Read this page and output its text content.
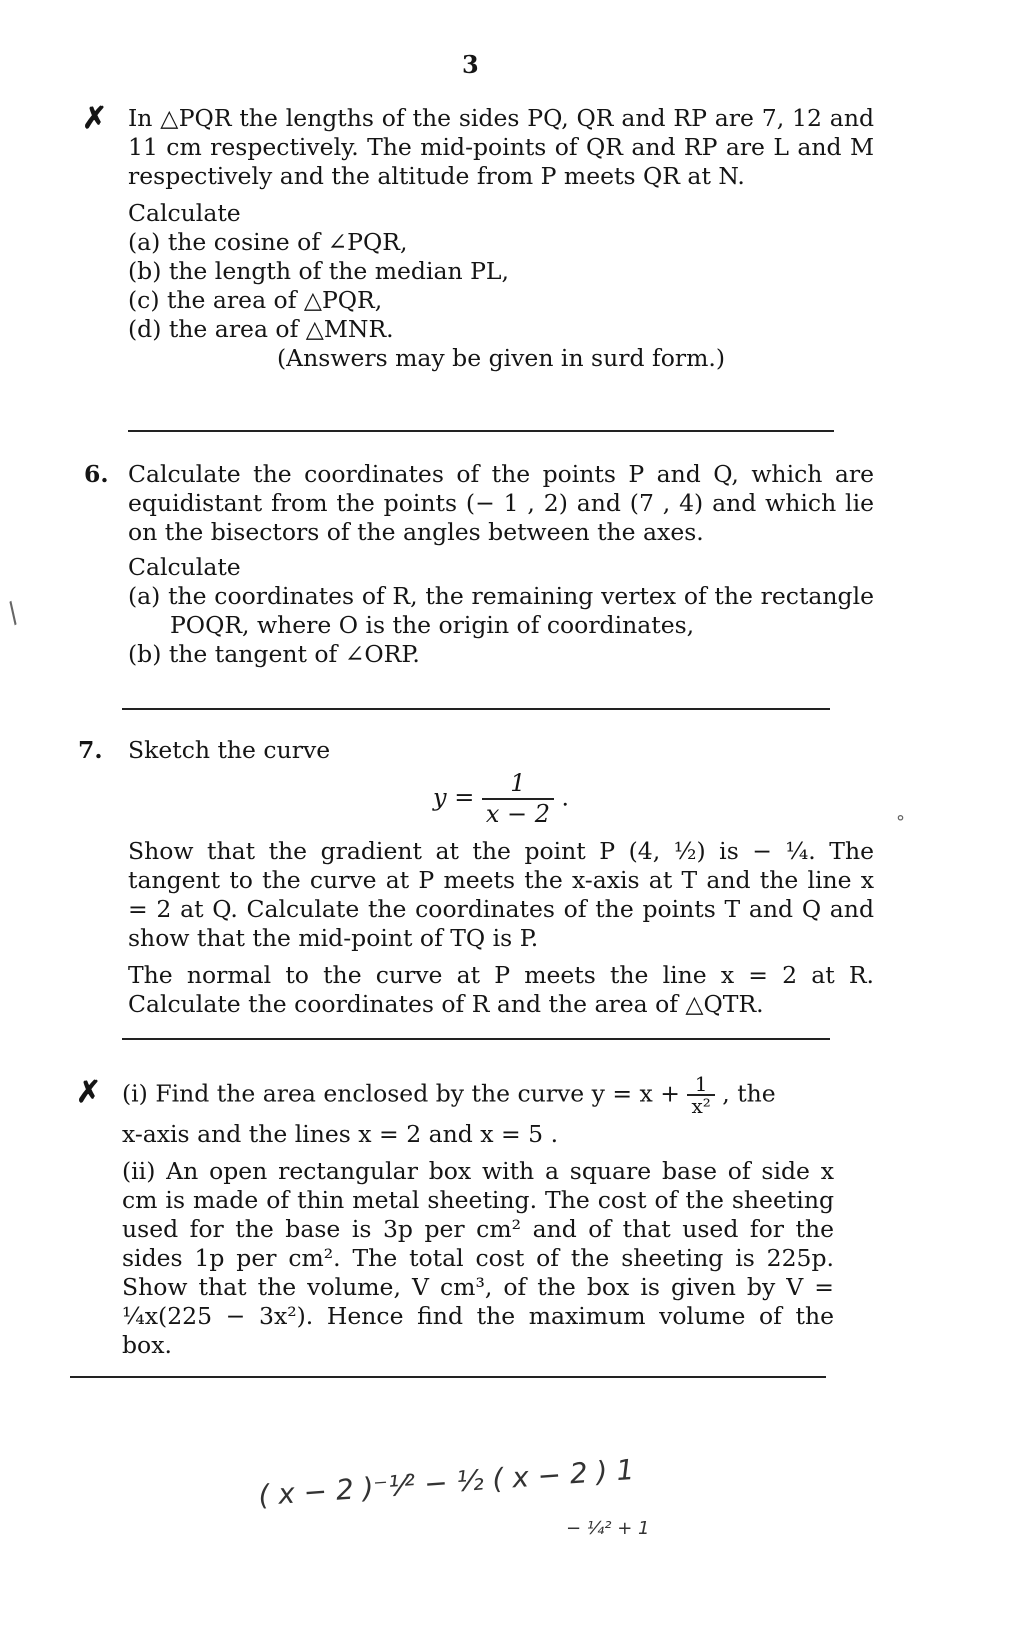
3
✗ In △PQR the lengths of the sides PQ, QR and RP are 7, 12 and 11 cm respectively. The mid-points of QR and RP are L and M respectively and the altitude from P meets QR at N.

Calculate

(a) the cosine of ∠PQR,

(b) the length of the median PL,

(c) the area of △PQR,

(d) the area of △MNR.

(Answers may be given in surd form.)

6. Calculate the coordinates of the points P and Q, which are equidistant from the points (− 1 , 2) and (7 , 4) and which lie on the bisectors of the angles between the axes.

Calculate

(a) the coordinates of R, the remaining vertex of the rectangle POQR, where O is the origin of coordinates,

(b) the tangent of ∠ORP.

7. Sketch the curve

$y = \frac{1}{x - 2}$ .

Show that the gradient at the point P (4, ½) is − ¼. The tangent to the curve at P meets the x-axis at T and the line x = 2 at Q. Calculate the coordinates of the points T and Q and show that the mid-point of TQ is P.

The normal to the curve at P meets the line x = 2 at R. Calculate the coordinates of R and the area of △QTR.

✗ (i) Find the area enclosed by the curve $y = x + \frac{1}{\text{x²}}$ , the

x-axis and the lines x = 2 and x = 5 .

(ii) An open rectangular box with a square base of side x cm is made of thin metal sheeting. The cost of the sheeting used for the base is 3p per cm² and of that used for the sides 1p per cm². The total cost of the sheeting is 225p. Show that the volume, V cm³, of the box is given by V = ¼x(225 − 3x²). Hence find the maximum volume of the box.

( x − 2 )⁻¹⁄² − ½ ( x − 2 ) 1
− ¼² + 1
/
°
